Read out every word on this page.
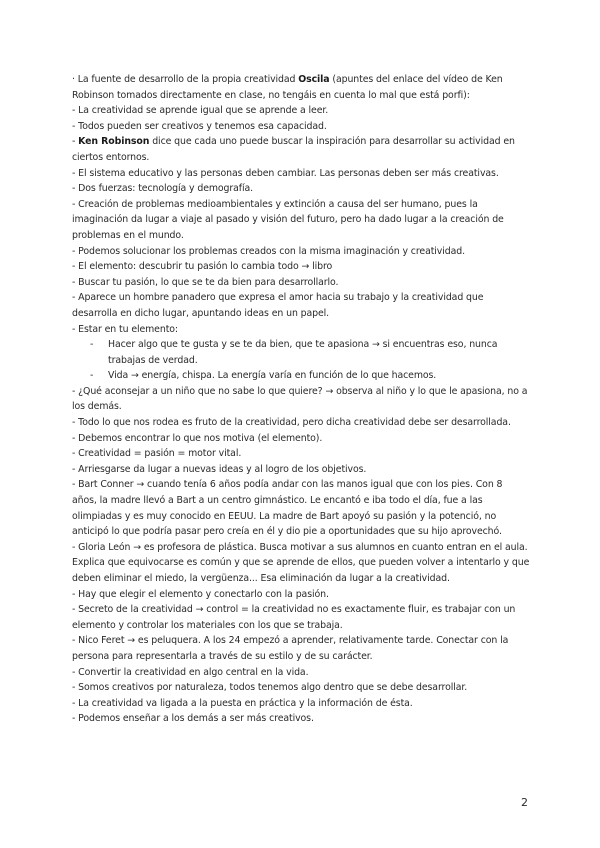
· La fuente de desarrollo de la propia creatividad Oscila (apuntes del enlace del vídeo de Ken Robinson tomados directamente en clase, no tengáis en cuenta lo mal que está porfi):

- La creatividad se aprende igual que se aprende a leer.

- Todos pueden ser creativos y tenemos esa capacidad.

- Ken Robinson dice que cada uno puede buscar la inspiración para desarrollar su actividad en ciertos entornos.

- El sistema educativo y las personas deben cambiar. Las personas deben ser más creativas.

- Dos fuerzas: tecnología y demografía.

- Creación de problemas medioambientales y extinción a causa del ser humano, pues la imaginación da lugar a viaje al pasado y visión del futuro, pero ha dado lugar a la creación de problemas en el mundo.

- Podemos solucionar los problemas creados con la misma imaginación y creatividad.

- El elemento: descubrir tu pasión lo cambia todo → libro

- Buscar tu pasión, lo que se te da bien para desarrollarlo.

- Aparece un hombre panadero que expresa el amor hacia su trabajo y la creatividad que desarrolla en dicho lugar, apuntando ideas en un papel.

- Estar en tu elemento:

- Hacer algo que te gusta y se te da bien, que te apasiona → si encuentras eso, nunca trabajas de verdad.

- Vida → energía, chispa. La energía varía en función de lo que hacemos.

- ¿Qué aconsejar a un niño que no sabe lo que quiere? → observa al niño y lo que le apasiona, no a los demás.

- Todo lo que nos rodea es fruto de la creatividad, pero dicha creatividad debe ser desarrollada.

- Debemos encontrar lo que nos motiva (el elemento).

- Creatividad = pasión = motor vital.

- Arriesgarse da lugar a nuevas ideas y al logro de los objetivos.

- Bart Conner → cuando tenía 6 años podía andar con las manos igual que con los pies. Con 8 años, la madre llevó a Bart a un centro gimnástico. Le encantó e iba todo el día, fue a las olimpiadas y es muy conocido en EEUU. La madre de Bart apoyó su pasión y la potenció, no anticipó lo que podría pasar pero creía en él y dio pie a oportunidades que su hijo aprovechó.

- Gloria León → es profesora de plástica. Busca motivar a sus alumnos en cuanto entran en el aula. Explica que equivocarse es común y que se aprende de ellos, que pueden volver a intentarlo y que deben eliminar el miedo, la vergüenza... Esa eliminación da lugar a la creatividad.

- Hay que elegir el elemento y conectarlo con la pasión.

- Secreto de la creatividad → control = la creatividad no es exactamente fluir, es trabajar con un elemento y controlar los materiales con los que se trabaja.

- Nico Feret → es peluquera. A los 24 empezó a aprender, relativamente tarde. Conectar con la persona para representarla a través de su estilo y de su carácter.

- Convertir la creatividad en algo central en la vida.

- Somos creativos por naturaleza, todos tenemos algo dentro que se debe desarrollar.

- La creatividad va ligada a la puesta en práctica y la información de ésta.

- Podemos enseñar a los demás a ser más creativos.

2
